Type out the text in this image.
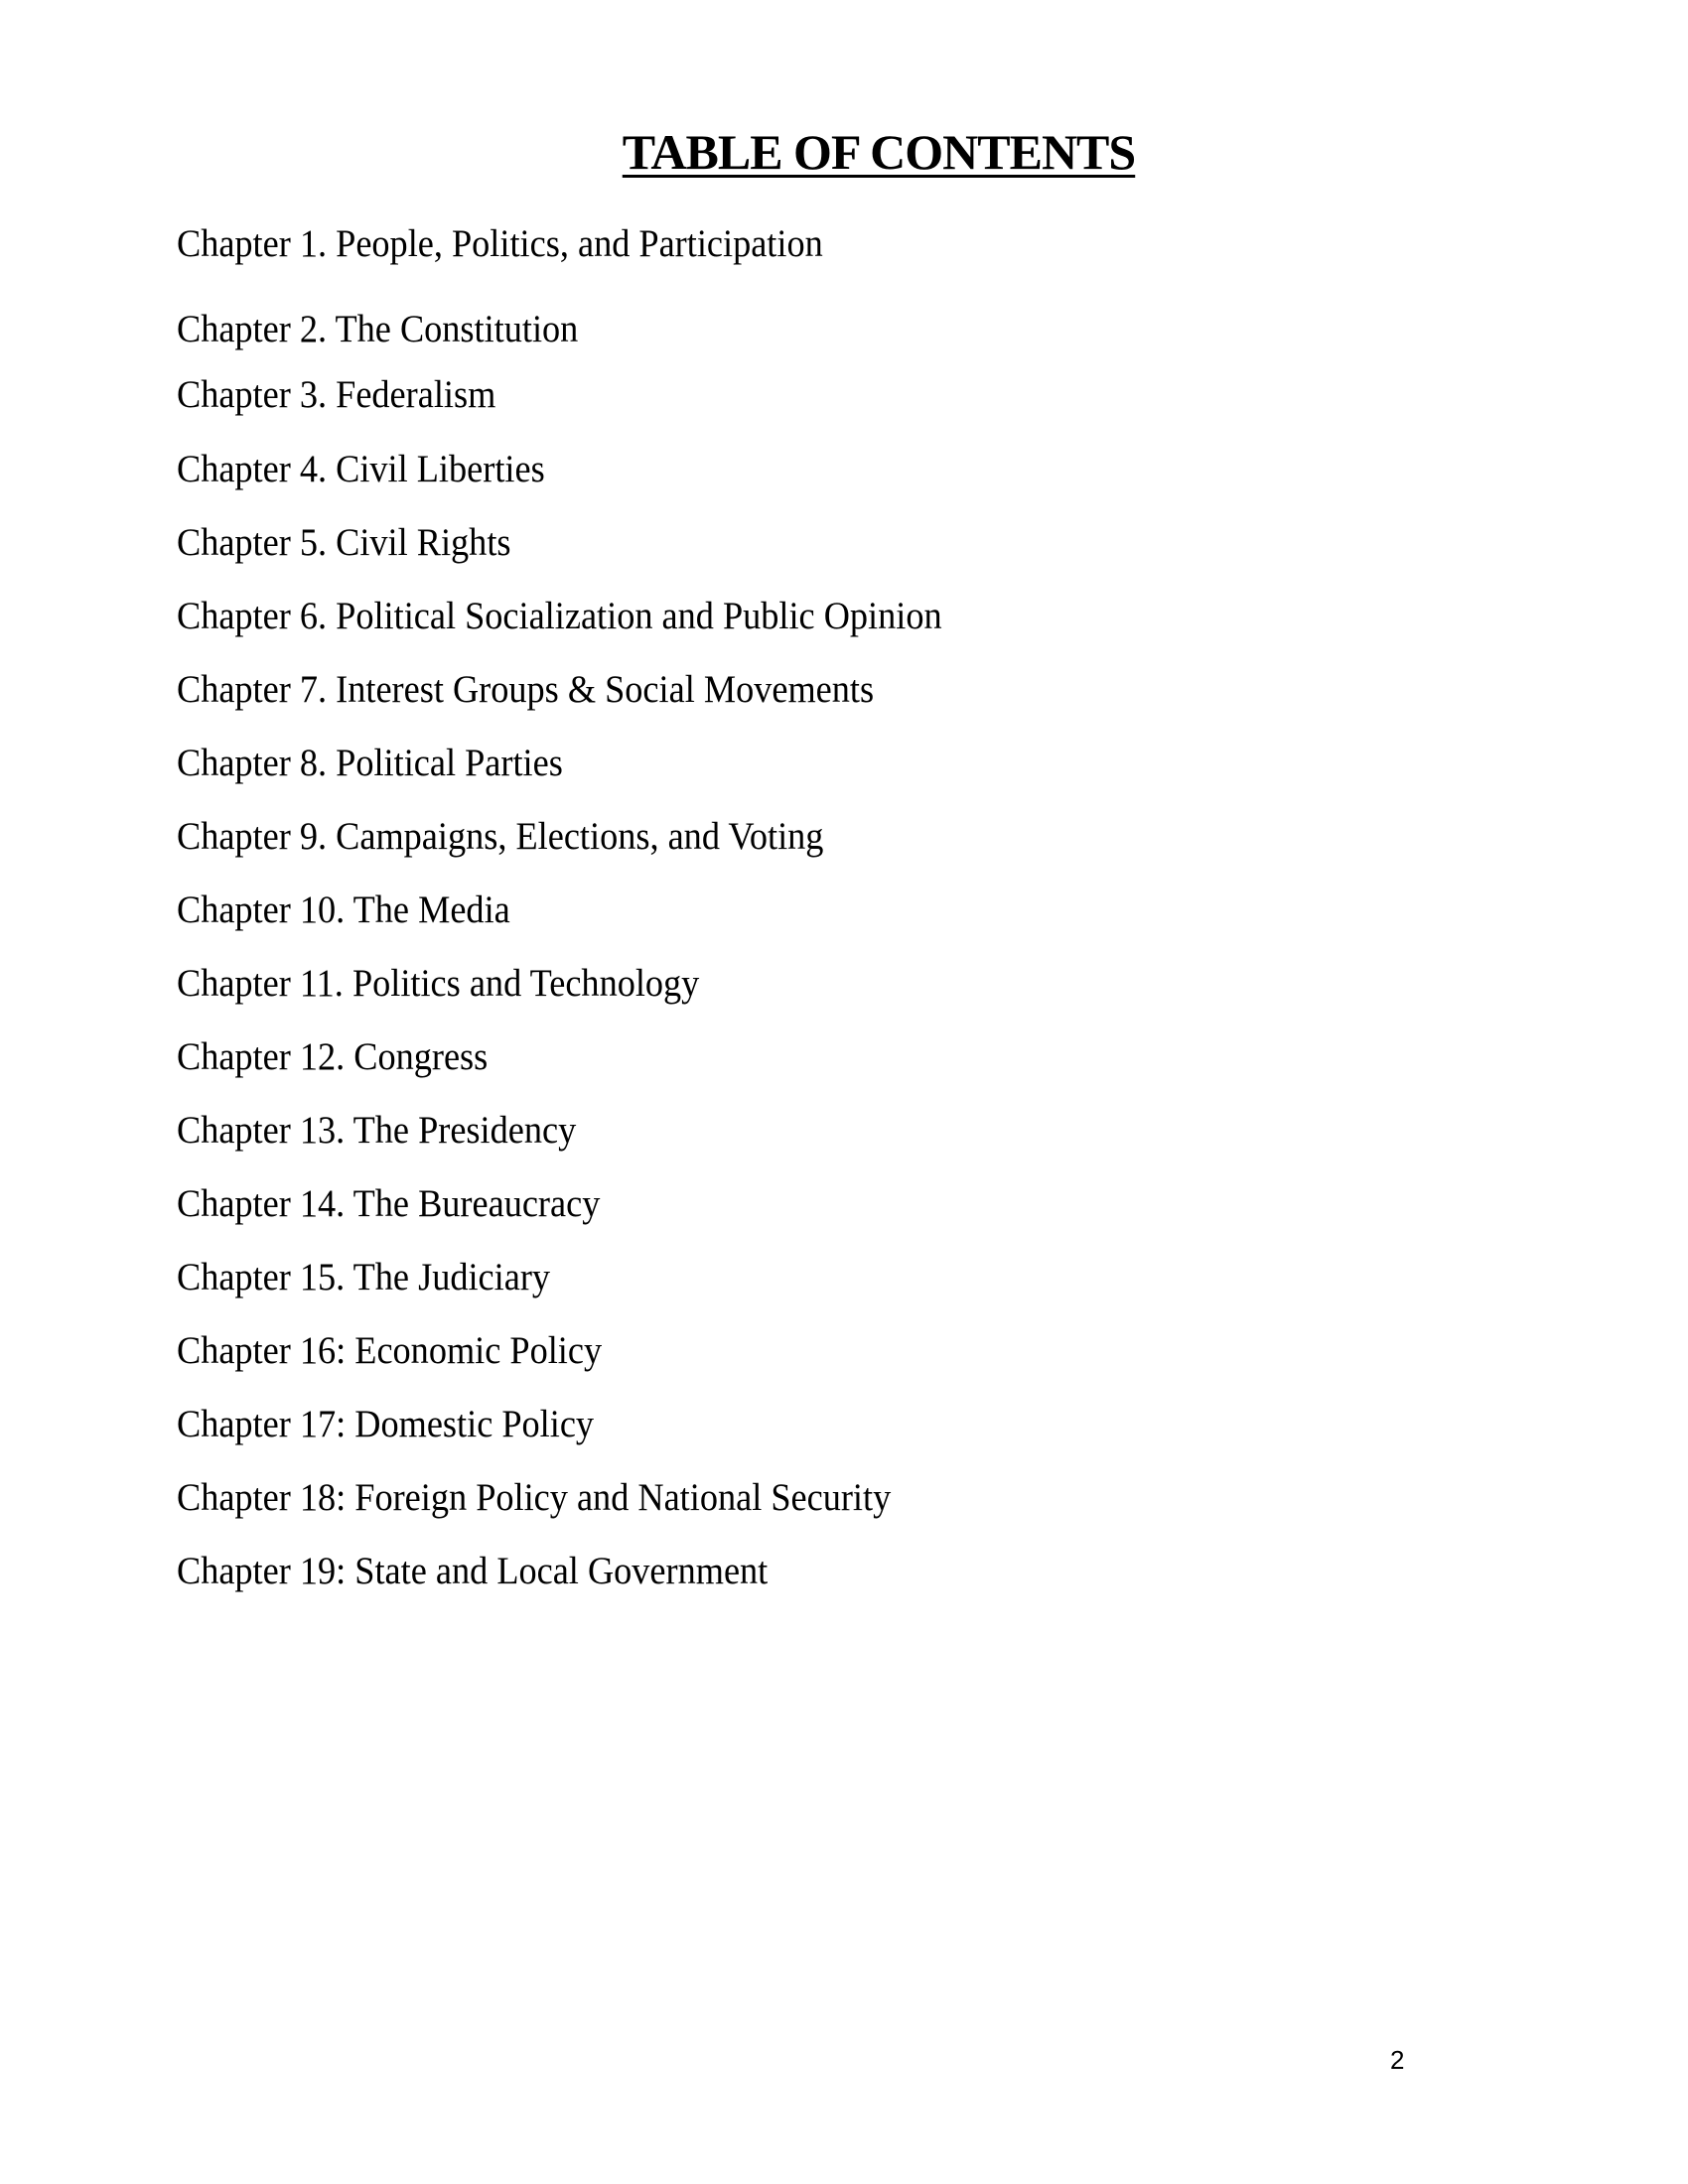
TABLE OF CONTENTS
Chapter 1. People, Politics, and Participation
Chapter 2. The Constitution
Chapter 3. Federalism
Chapter 4. Civil Liberties
Chapter 5. Civil Rights
Chapter 6. Political Socialization and Public Opinion
Chapter 7. Interest Groups & Social Movements
Chapter 8. Political Parties
Chapter 9. Campaigns, Elections, and Voting
Chapter 10. The Media
Chapter 11. Politics and Technology
Chapter 12. Congress
Chapter 13. The Presidency
Chapter 14. The Bureaucracy
Chapter 15. The Judiciary
Chapter 16: Economic Policy
Chapter 17: Domestic Policy
Chapter 18: Foreign Policy and National Security
Chapter 19: State and Local Government
2
